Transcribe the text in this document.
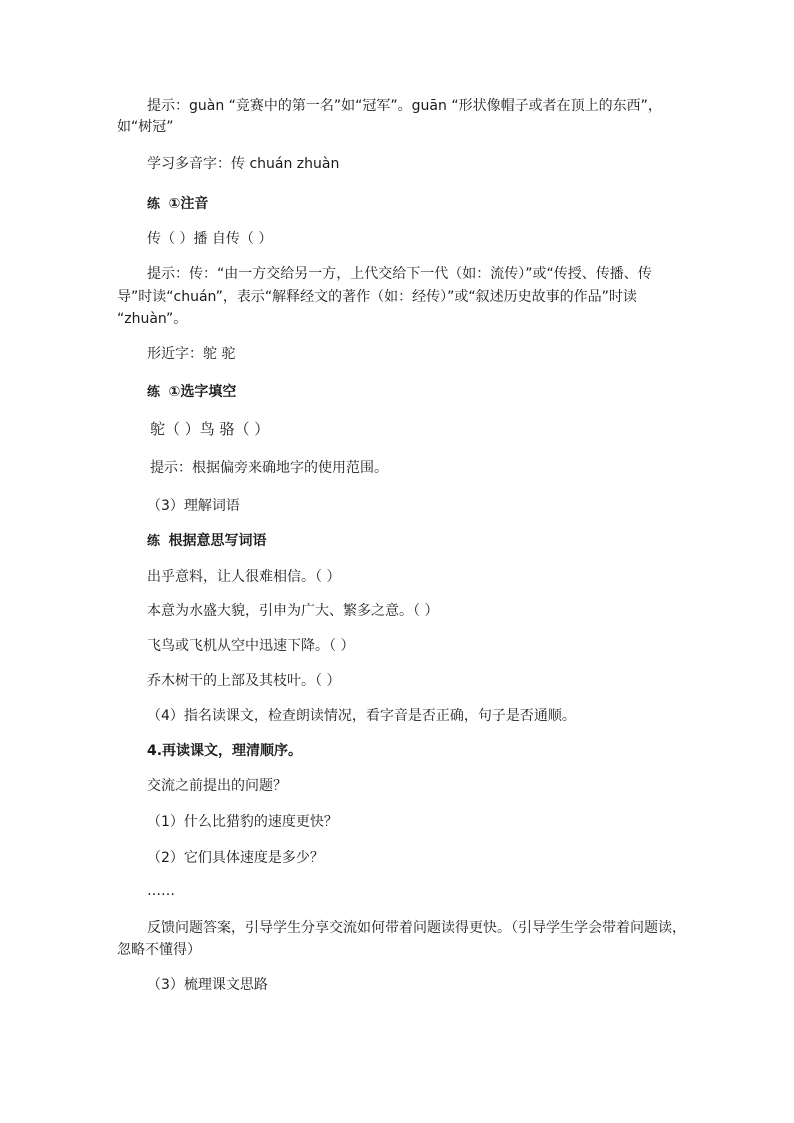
提示：guàn “竞赛中的第一名”如“冠军”。guān “形状像帽子或者在顶上的东西”，
如“树冠”
学习多音字：传 chuán zhuàn
练 ①注音
传（ ）播 自传（ ）
提示：传：“由一方交给另一方，上代交给下一代（如：流传）”或“传授、传播、传
导”时读“chuán”，表示“解释经文的著作（如：经传）”或“叙述历史故事的作品”时读
“zhuàn”。
形近字：鸵 驼
练 ①选字填空
鸵（ ）鸟 骆（ ）
提示：根据偏旁来确地字的使用范围。
（3）理解词语
练 根据意思写词语
出乎意料，让人很难相信。（ ）
本意为水盛大貌，引申为广大、繁多之意。（ ）
飞鸟或飞机从空中迅速下降。（ ）
乔木树干的上部及其枝叶。（ ）
（4）指名读课文，检查朗读情况，看字音是否正确，句子是否通顺。
4.再读课文，理清顺序。
交流之前提出的问题？
（1）什么比猎豹的速度更快？
（2）它们具体速度是多少？
……
反馈问题答案，引导学生分享交流如何带着问题读得更快。（引导学生学会带着问题读，
忽略不懂得）
（3）梳理课文思路
